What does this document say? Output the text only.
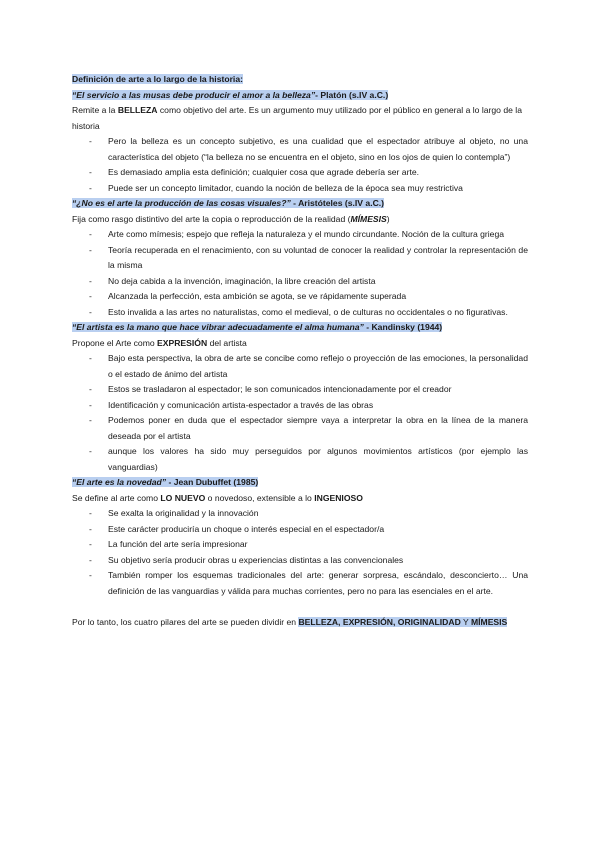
Definición de arte a lo largo de la historia:

“El servicio a las musas debe producir el amor a la belleza”- Platón (s.IV a.C.)

Remite a la BELLEZA como objetivo del arte. Es un argumento muy utilizado por el público en general a lo largo de la historia

- Pero la belleza es un concepto subjetivo, es una cualidad que el espectador atribuye al objeto, no una característica del objeto (“la belleza no se encuentra en el objeto, sino en los ojos de quien lo contempla”)
- Es demasiado amplia esta definición; cualquier cosa que agrade debería ser arte.
- Puede ser un concepto limitador, cuando la noción de belleza de la época sea muy restrictiva

“¿No es el arte la producción de las cosas visuales?” - Aristóteles (s.IV a.C.)

Fija como rasgo distintivo del arte la copia o reproducción de la realidad (MÍMESIS)

- Arte como mímesis; espejo que refleja la naturaleza y el mundo circundante. Noción de la cultura griega
- Teoría recuperada en el renacimiento, con su voluntad de conocer la realidad y controlar la representación de la misma
- No deja cabida a la invención, imaginación, la libre creación del artista
- Alcanzada la perfección, esta ambición se agota, se ve rápidamente superada
- Esto invalida a las artes no naturalistas, como el medieval, o de culturas no occidentales o no figurativas.

“El artista es la mano que hace vibrar adecuadamente el alma humana” - Kandinsky (1944)

Propone el Arte como EXPRESIÓN del artista

- Bajo esta perspectiva, la obra de arte se concibe como reflejo o proyección de las emociones, la personalidad o el estado de ánimo del artista
- Estos se trasladaron al espectador; le son comunicados intencionadamente por el creador
- Identificación y comunicación artista-espectador a través de las obras
- Podemos poner en duda que el espectador siempre vaya a interpretar la obra en la línea de la manera deseada por el artista
- aunque los valores ha sido muy perseguidos por algunos movimientos artísticos (por ejemplo las vanguardias)

“El arte es la novedad” - Jean Dubuffet (1985)

Se define al arte como LO NUEVO o novedoso, extensible a lo INGENIOSO

- Se exalta la originalidad y la innovación
- Este carácter produciría un choque o interés especial en el espectador/a
- La función del arte sería impresionar
- Su objetivo sería producir obras u experiencias distintas a las convencionales
- También romper los esquemas tradicionales del arte: generar sorpresa, escándalo, desconcierto… Una definición de las vanguardias y válida para muchas corrientes, pero no para las esenciales en el arte.

Por lo tanto, los cuatro pilares del arte se pueden dividir en BELLEZA, EXPRESIÓN, ORIGINALIDAD Y MÍMESIS
